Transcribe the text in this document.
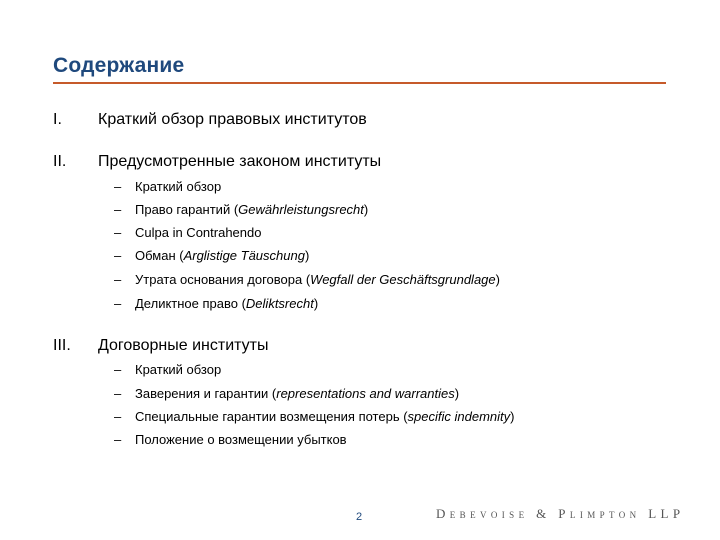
Содержание
I. Краткий обзор правовых институтов
II. Предусмотренные законом институты
– Краткий обзор
– Право гарантий (Gewährleistungsrecht)
– Culpa in Contrahendo
– Обман (Arglistige Täuschung)
– Утрата основания договора (Wegfall der Geschäftsgrundlage)
– Деликтное право (Deliktsrecht)
III. Договорные институты
– Краткий обзор
– Заверения и гарантии (representations and warranties)
– Специальные гарантии возмещения потерь (specific indemnity)
– Положение о возмещении убытков
2	Debevoise & Plimpton LLP
